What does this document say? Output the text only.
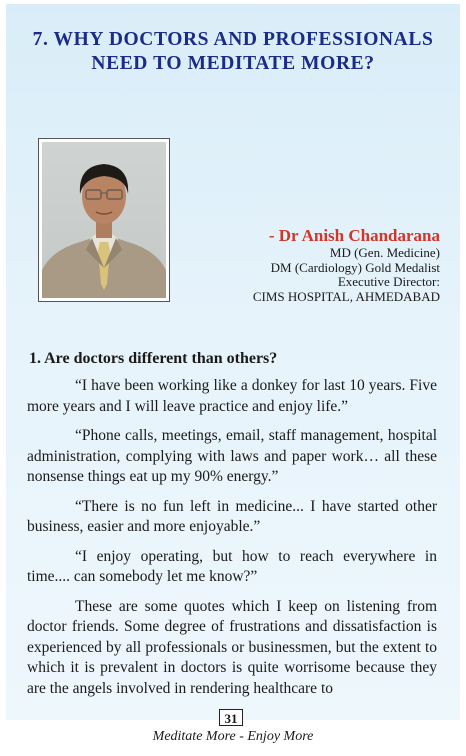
7. WHY DOCTORS AND PROFESSIONALS
NEED TO MEDITATE MORE?
- Dr Anish Chandarana
MD (Gen. Medicine)
DM (Cardiology) Gold Medalist
Executive Director:
CIMS HOSPITAL, AHMEDABAD
1. Are doctors different than others?

“I have been working like a donkey for last 10 years. Five more years and I will leave practice and enjoy life.”

“Phone calls, meetings, email, staff management, hospital administration, complying with laws and paper work… all these nonsense things eat up my 90% energy.”

“There is no fun left in medicine... I have started other business, easier and more enjoyable.”

“I enjoy operating, but how to reach everywhere in time.... can somebody let me know?”

These are some quotes which I keep on listening from doctor friends. Some degree of frustrations and dissatisfaction is experienced by all professionals or businessmen, but the extent to which it is prevalent in doctors is quite worrisome because they are the angels involved in rendering healthcare to

31
Meditate More - Enjoy More
